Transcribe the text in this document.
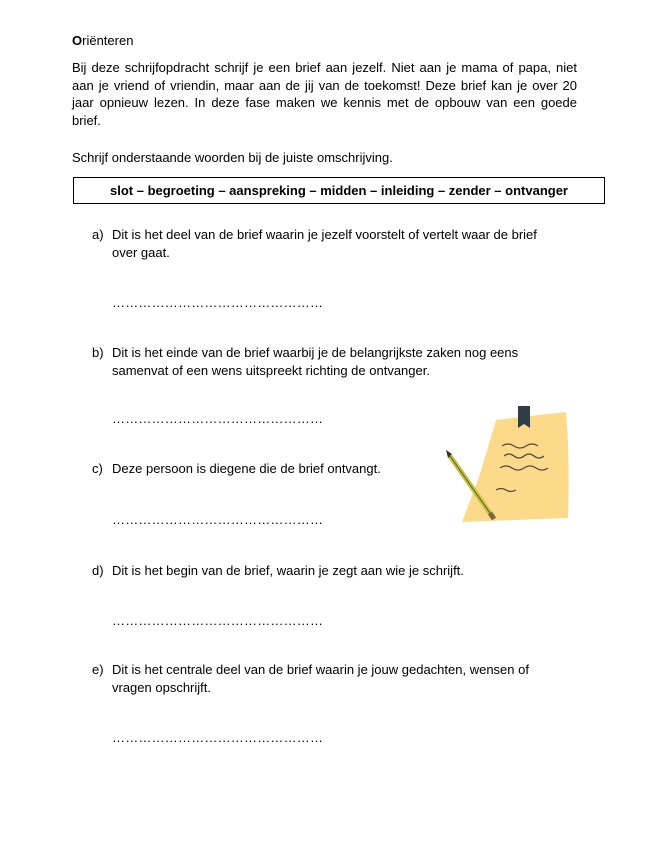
Oriënteren
Bij deze schrijfopdracht schrijf je een brief aan jezelf. Niet aan je mama of papa, niet aan je vriend of vriendin, maar aan de jij van de toekomst! Deze brief kan je over 20 jaar opnieuw lezen. In deze fase maken we kennis met de opbouw van een goede brief.
Schrijf onderstaande woorden bij de juiste omschrijving.
slot – begroeting – aanspreking – midden – inleiding – zender – ontvanger
a) Dit is het deel van de brief waarin je jezelf voorstelt of vertelt waar de brief over gaat.
…………………………………………
b) Dit is het einde van de brief waarbij je de belangrijkste zaken nog eens samenvat of een wens uitspreekt richting de ontvanger.
…………………………………………
c) Deze persoon is diegene die de brief ontvangt.
…………………………………………
d) Dit is het begin van de brief, waarin je zegt aan wie je schrijft.
…………………………………………
e) Dit is het centrale deel van de brief waarin je jouw gedachten, wensen of vragen opschrijft.
…………………………………………
